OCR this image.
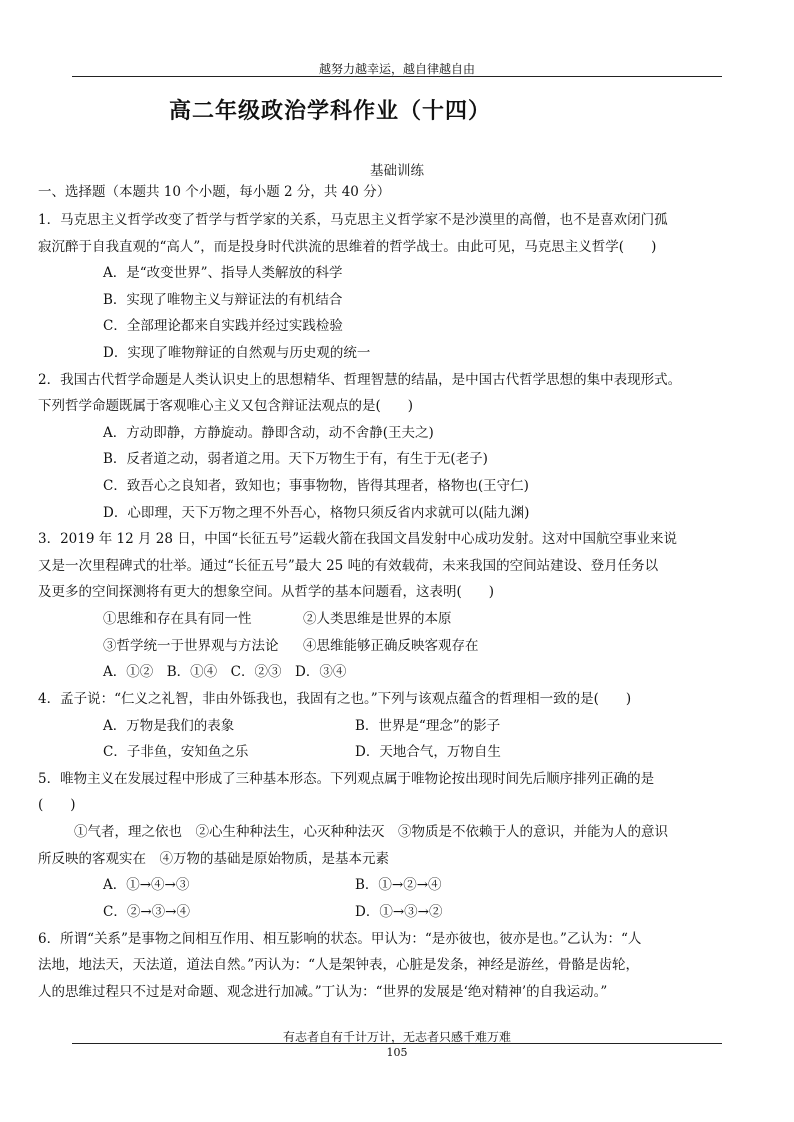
越努力越幸运，越自律越自由
高二年级政治学科作业（十四）
基础训练
一、选择题（本题共 10 个小题，每小题 2 分，共 40 分）
1．马克思主义哲学改变了哲学与哲学家的关系，马克思主义哲学家不是沙漠里的高僧，也不是喜欢闭门孤
寂沉醉于自我直观的“高人”，而是投身时代洪流的思维着的哲学战士。由此可见，马克思主义哲学(　　)
A．是“改变世界”、指导人类解放的科学
B．实现了唯物主义与辩证法的有机结合
C．全部理论都来自实践并经过实践检验
D．实现了唯物辩证的自然观与历史观的统一
2．我国古代哲学命题是人类认识史上的思想精华、哲理智慧的结晶，是中国古代哲学思想的集中表现形式。
下列哲学命题既属于客观唯心主义又包含辩证法观点的是(　　)
A．方动即静，方静旋动。静即含动，动不舍静(王夫之)
B．反者道之动，弱者道之用。天下万物生于有，有生于无(老子)
C．致吾心之良知者，致知也；事事物物，皆得其理者，格物也(王守仁)
D．心即理，天下万物之理不外吾心，格物只须反省内求就可以(陆九渊)
3．2019 年 12 月 28 日，中国“长征五号”运载火箭在我国文昌发射中心成功发射。这对中国航空事业来说
又是一次里程碑式的壮举。通过“长征五号”最大 25 吨的有效载荷，未来我国的空间站建设、登月任务以
及更多的空间探测将有更大的想象空间。从哲学的基本问题看，这表明(　　)
①思维和存在具有同一性	②人类思维是世界的本原
③哲学统一于世界观与方法论 ④思维能够正确反映客观存在
A．①②　B．①④　C．②③　D．③④
4．孟子说：“仁义之礼智，非由外铄我也，我固有之也。”下列与该观点蕴含的哲理相一致的是(　　)
A．万物是我们的表象	B．世界是“理念”的影子
C．子非鱼，安知鱼之乐	D．天地合气，万物自生
5．唯物主义在发展过程中形成了三种基本形态。下列观点属于唯物论按出现时间先后顺序排列正确的是
(　　)
①气者，理之依也　②心生种种法生，心灭种种法灭　③物质是不依赖于人的意识，并能为人的意识
所反映的客观实在　④万物的基础是原始物质，是基本元素
A．①→④→③	B．①→②→④
C．②→③→④	D．①→③→②
6．所谓“关系”是事物之间相互作用、相互影响的状态。甲认为：“是亦彼也，彼亦是也。”乙认为：“人
法地，地法天，天法道，道法自然。”丙认为：“人是架钟表，心脏是发条，神经是游丝，骨骼是齿轮，
人的思维过程只不过是对命题、观念进行加减。”丁认为：“世界的发展是‘绝对精神’的自我运动。”
有志者自有千计万计，无志者只感千难万难
105
